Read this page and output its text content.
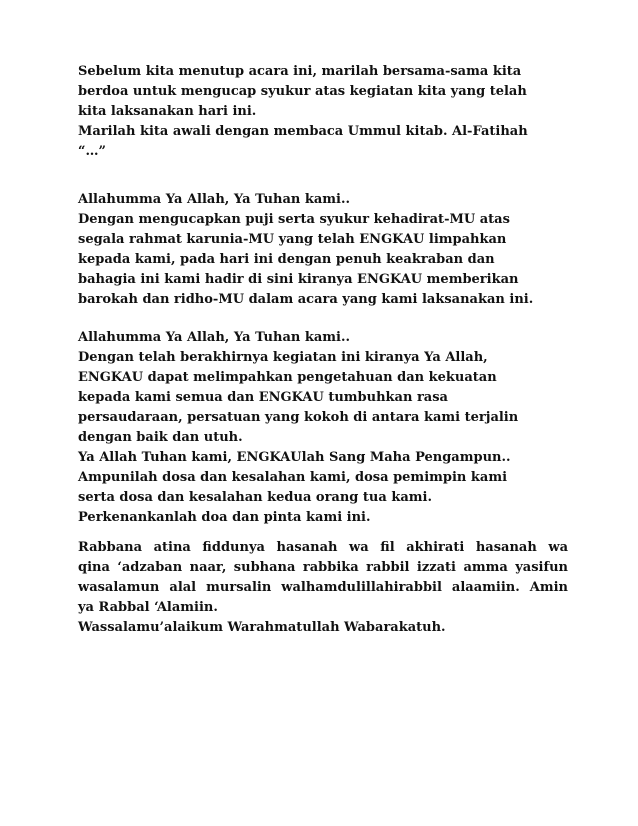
Sebelum kita menutup acara ini, marilah bersama-sama kita
berdoa untuk mengucap syukur atas kegiatan kita yang telah
kita laksanakan hari ini.
Marilah kita awali dengan membaca Ummul kitab. Al-Fatihah
“…”
Allahumma Ya Allah, Ya Tuhan kami..
Dengan mengucapkan puji serta syukur kehadirat-MU atas
segala rahmat karunia-MU yang telah ENGKAU limpahkan
kepada kami, pada hari ini dengan penuh keakraban dan
bahagia ini kami hadir di sini kiranya ENGKAU memberikan
barokah dan ridho-MU dalam acara yang kami laksanakan ini.
Allahumma Ya Allah, Ya Tuhan kami..
Dengan telah berakhirnya kegiatan ini kiranya Ya Allah,
ENGKAU dapat melimpahkan pengetahuan dan kekuatan
kepada kami semua dan ENGKAU tumbuhkan rasa
persaudaraan, persatuan yang kokoh di antara kami terjalin
dengan baik dan utuh.
Ya Allah Tuhan kami, ENGKAUlah Sang Maha Pengampun..
Ampunilah dosa dan kesalahan kami, dosa pemimpin kami
serta dosa dan kesalahan kedua orang tua kami.
Perkenankanlah doa dan pinta kami ini.
Rabbana atina fiddunya hasanah wa fil akhirati hasanah wa
qina ‘adzaban naar, subhana rabbika rabbil izzati amma yasifun
wasalamun alal mursalin walhamdulillahirabbil alaamiin. Amin
ya Rabbal ‘Alamiin.
Wassalamu’alaikum Warahmatullah Wabarakatuh.
